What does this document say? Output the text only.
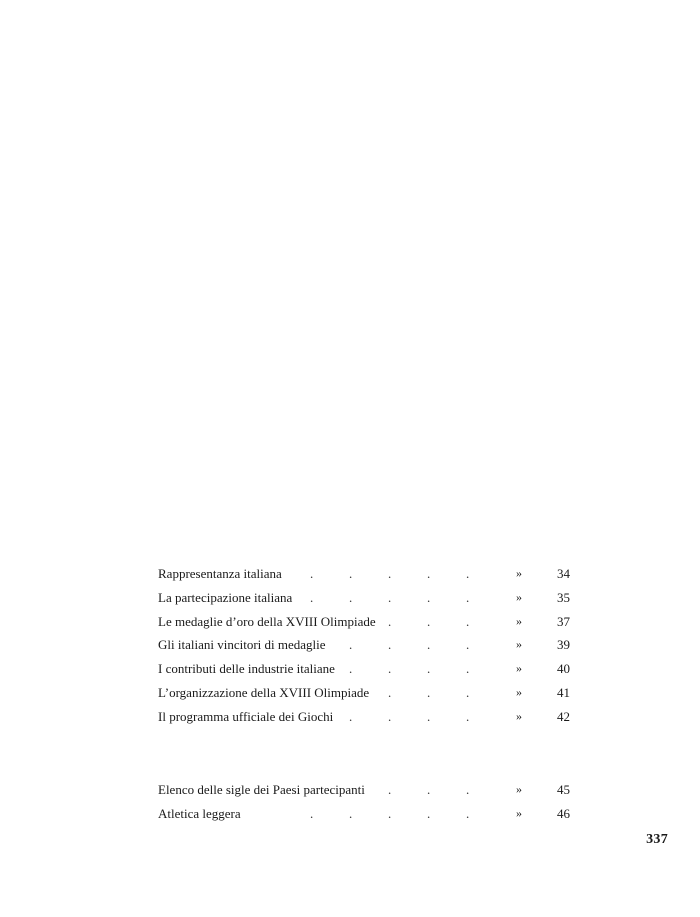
.
Rappresentanza italiana	»	34
.
La partecipazione italiana	»	35
.
Le medaglie d’oro della XVIII Olimpiade	»	37
.
Gli italiani vincitori di medaglie	»	39
.
I contributi delle industrie italiane	»	40
.
L’organizzazione della XVIII Olimpiade	»	41
.
Il programma ufficiale dei Giochi	»	42
.
Elenco delle sigle dei Paesi partecipanti	»	45
.
Atletica leggera	»	46
337
